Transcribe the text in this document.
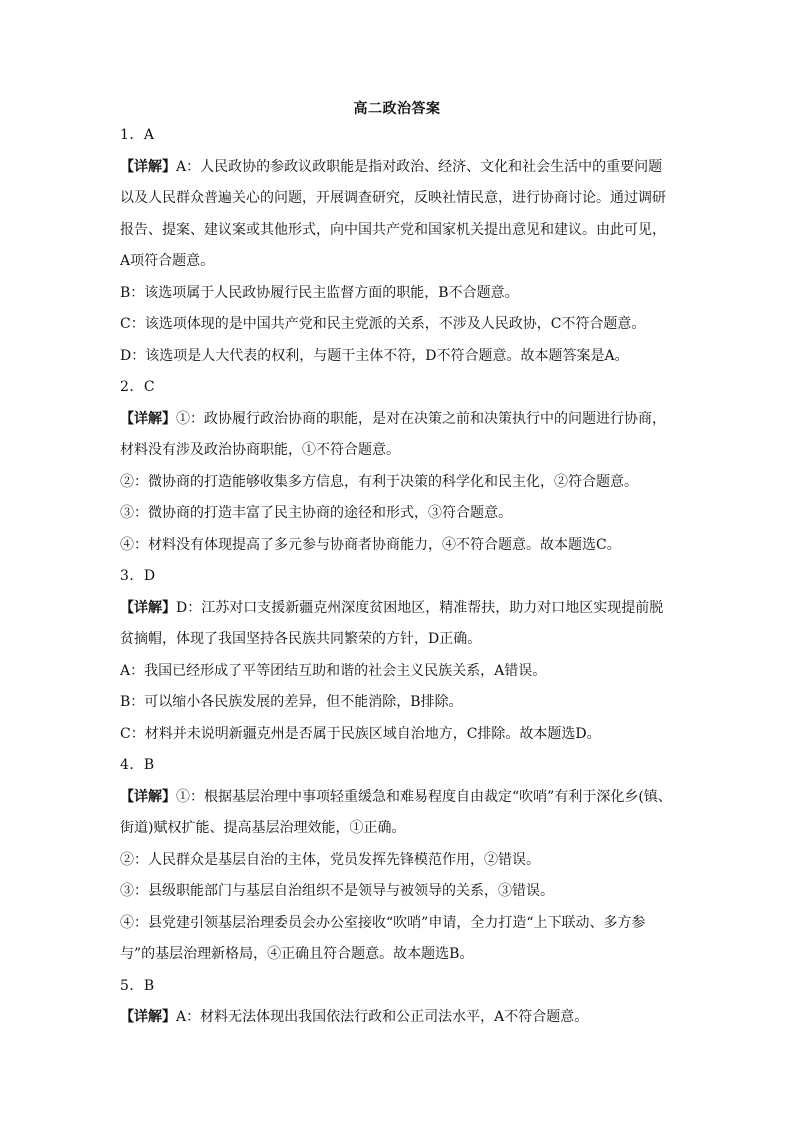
高二政治答案

1．A

【详解】A：人民政协的参政议政职能是指对政治、经济、文化和社会生活中的重要问题以及人民群众普遍关心的问题，开展调查研究，反映社情民意，进行协商讨论。通过调研报告、提案、建议案或其他形式，向中国共产党和国家机关提出意见和建议。由此可见，A项符合题意。

B：该选项属于人民政协履行民主监督方面的职能，B不合题意。

C：该选项体现的是中国共产党和民主党派的关系，不涉及人民政协，C不符合题意。

D：该选项是人大代表的权利，与题干主体不符，D不符合题意。故本题答案是A。

2．C

【详解】①：政协履行政治协商的职能，是对在决策之前和决策执行中的问题进行协商，材料没有涉及政治协商职能，①不符合题意。

②：微协商的打造能够收集多方信息，有利于决策的科学化和民主化，②符合题意。

③：微协商的打造丰富了民主协商的途径和形式，③符合题意。

④：材料没有体现提高了多元参与协商者协商能力，④不符合题意。故本题选C。

3．D

【详解】D：江苏对口支援新疆克州深度贫困地区，精准帮扶，助力对口地区实现提前脱贫摘帽，体现了我国坚持各民族共同繁荣的方针，D正确。

A：我国已经形成了平等团结互助和谐的社会主义民族关系，A错误。

B：可以缩小各民族发展的差异，但不能消除，B排除。

C：材料并未说明新疆克州是否属于民族区域自治地方，C排除。故本题选D。

4．B

【详解】①：根据基层治理中事项轻重缓急和难易程度自由裁定“吹哨”有利于深化乡(镇、街道)赋权扩能、提高基层治理效能，①正确。

②：人民群众是基层自治的主体，党员发挥先锋模范作用，②错误。

③：县级职能部门与基层自治组织不是领导与被领导的关系，③错误。

④：县党建引领基层治理委员会办公室接收“吹哨”申请，全力打造“上下联动、多方参与”的基层治理新格局，④正确且符合题意。故本题选B。

5．B

【详解】A：材料无法体现出我国依法行政和公正司法水平，A不符合题意。
